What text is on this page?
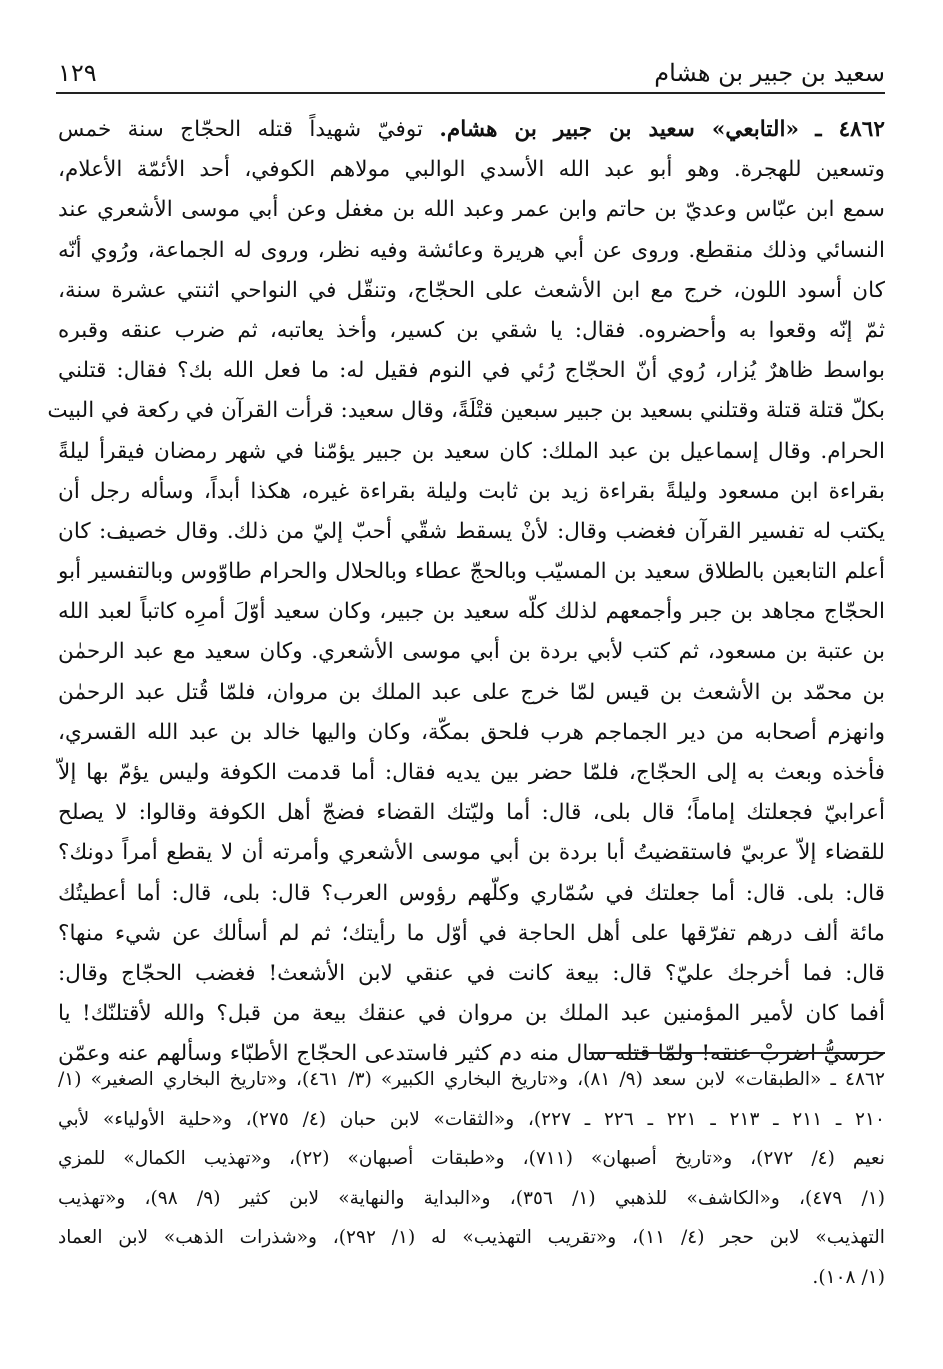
سعيد بن جبير بن هشام
١٢٩
٤٨٦٢ ـ «التابعي» سعيد بن جبير بن هشام. توفيّ شهيداً قتله الحجّاج سنة خمس
وتسعين للهجرة. وهو أبو عبد الله الأسدي الوالبي مولاهم الكوفي، أحد الأئمّة الأعلام،
سمع ابن عبّاس وعديّ بن حاتم وابن عمر وعبد الله بن مغفل وعن أبي موسى الأشعري عند
النسائي وذلك منقطع. وروى عن أبي هريرة وعائشة وفيه نظر، وروى له الجماعة، ورُوي أنّه
كان أسود اللون، خرج مع ابن الأشعث على الحجّاج، وتنقّل في النواحي اثنتي عشرة سنة،
ثمّ إنّه وقعوا به وأحضروه. فقال: يا شقي بن كسير، وأخذ يعاتبه، ثم ضرب عنقه وقبره
بواسط ظاهرٌ يُزار، رُوي أنّ الحجّاج رُئي في النوم فقيل له: ما فعل الله بك؟ فقال: قتلني
بكلّ قتلة قتلة وقتلني بسعيد بن جبير سبعين قتْلَةً، وقال سعيد: قرأت القرآن في ركعة في البيت
الحرام. وقال إسماعيل بن عبد الملك: كان سعيد بن جبير يؤمّنا في شهر رمضان فيقرأ ليلةً
بقراءة ابن مسعود وليلةً بقراءة زيد بن ثابت وليلة بقراءة غيره، هكذا أبداً، وسأله رجل أن
يكتب له تفسير القرآن فغضب وقال: لأنْ يسقط شقّي أحبّ إليّ من ذلك. وقال خصيف: كان
أعلم التابعين بالطلاق سعيد بن المسيّب وبالحجّ عطاء وبالحلال والحرام طاوّوس وبالتفسير أبو
الحجّاج مجاهد بن جبر وأجمعهم لذلك كلّه سعيد بن جبير، وكان سعيد أوّلَ أمرِه كاتباً لعبد الله
بن عتبة بن مسعود، ثم كتب لأبي بردة بن أبي موسى الأشعري. وكان سعيد مع عبد الرحمٰن
بن محمّد بن الأشعث بن قيس لمّا خرج على عبد الملك بن مروان، فلمّا قُتل عبد الرحمٰن
وانهزم أصحابه من دير الجماجم هرب فلحق بمكّة، وكان واليها خالد بن عبد الله القسري،
فأخذه وبعث به إلى الحجّاج، فلمّا حضر بين يديه فقال: أما قدمت الكوفة وليس يؤمّ بها إلاّ
أعرابيّ فجعلتك إماماً؛ قال بلى، قال: أما وليّتك القضاء فضجّ أهل الكوفة وقالوا: لا يصلح
للقضاء إلاّ عربيّ فاستقضيتُ أبا بردة بن أبي موسى الأشعري وأمرته أن لا يقطع أمراً دونك؟
قال: بلى. قال: أما جعلتك في سُمّاري وكلّهم رؤوس العرب؟ قال: بلى، قال: أما أعطيتُك
مائة ألف درهم تفرّقها على أهل الحاجة في أوّل ما رأيتك؛ ثم لم أسألك عن شيء منها؟
قال: فما أخرجك عليّ؟ قال: بيعة كانت في عنقي لابن الأشعث! فغضب الحجّاج وقال:
أفما كان لأمير المؤمنين عبد الملك بن مروان في عنقك بيعة من قبل؟ والله لأقتلنّك! يا
حرسيُّ اضربْ عنقه! ولمّا قتله سال منه دم كثير فاستدعى الحجّاج الأطبّاء وسألهم عنه وعمّن
٤٨٦٢ ـ «الطبقات» لابن سعد (٩/ ٨١)، و«تاريخ البخاري الكبير» (٣/ ٤٦١)، و«تاريخ البخاري الصغير» (١/
٢١٠ ـ ٢١١ ـ ٢١٣ ـ ٢٢١ ـ ٢٢٦ ـ ٢٢٧)، و«الثقات» لابن حبان (٤/ ٢٧٥)، و«حلية الأولياء» لأبي
نعيم (٤/ ٢٧٢)، و«تاريخ أصبهان» (٧١١)، و«طبقات أصبهان» (٢٢)، و«تهذيب الكمال» للمزي
(١/ ٤٧٩)، و«الكاشف» للذهبي (١/ ٣٥٦)، و«البداية والنهاية» لابن كثير (٩/ ٩٨)، و«تهذيب
التهذيب» لابن حجر (٤/ ١١)، و«تقريب التهذيب» له (١/ ٢٩٢)، و«شذرات الذهب» لابن العماد
(١/ ١٠٨).
